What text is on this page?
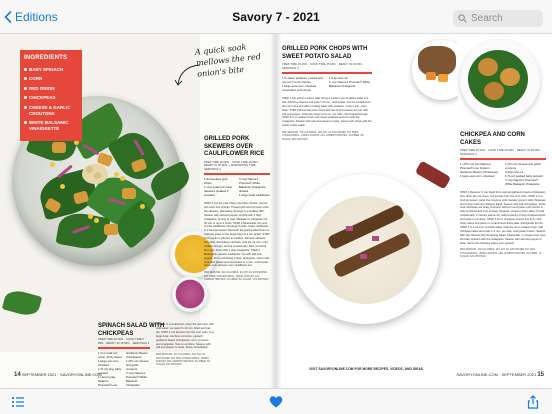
Editions	Savory 7 - 2021
Search
INGREDIENTS
BABY SPINACH
CORN
RED ONION
CHICKPEAS
CHEESE & GARLIC CROUTONS
WHITE BALSAMIC VINAIGRETTE
A quick soak mellows the red onion's bite
SPINACH SALAD WITH CHICKPEAS
PREP TIME 15 MIN. · COOK TIME 0 MIN. · READY IN 15 MIN. · SERVINGS 4
1 (¼) small red onion, thinly sliced
1 large ear corn, shucked
1 (5-oz) pkg. baby spinach
1 (12-oz) pkg. Nature's Promise® Low
Garbanzo Beans (Chickpeas)
1 (5½-oz) cheese and garlic croutons
½ cup Nature's Promise® White Balsamic Vinaigrette
STEP 1 In a small bowl, cover the red onion with cold water. Let stand 5–10 min. Drain and pat dry. STEP 2 Cut kernels from the corn cobs. In a large bowl, combine red onion, spinach, garbanzo beans (chickpeas), corn, croutons, and vinaigrette. Toss to combine. Season with salt and pepper to taste. Serve immediately.
PER SERVING: 310 CALORIES, 13G FAT, 2G SATURATED FAT, 5MG CHOLESTEROL, 660MG SODIUM, 38G CARBOHYDRATES, 8G FIBER, 5G SUGAR, 10G PROTEIN
GRILLED PORK SKEWERS OVER CAULIFLOWER RICE
PREP TIME 15 MIN. · COOK TIME 15 MIN. · READY IN 30 MIN. + MARINATING TIME · SERVINGS 4
1 lb boneless pork chops
¼ cup small red onion
Skewers (soaked if wooden)
½ cup Nature's Promise® White Balsamic Vinaigrette, divided
1 large head cauliflower
STEP 1 Cut the pork chops into thick chunks. Cut the red onion into chunks. Thread pork and red onion onto the skewers, alternating. Arrange in a shallow dish. Season with salt and pepper. Drizzle with 3 tbsp. vinaigrette, turning to coat. Marinate in refrigerator for 30 min or up to 2 hours. STEP 2 Meanwhile, trim and cut the cauliflower into large chunks. Grate cauliflower in a food processor fitted with the grating attachment or coarsely grate on the large holes of a box grater. STEP 3 Oil a grill or grill pan to medium. Remove skewers from dish, discarding marinade. Grill 10–12 min., until cooked through, turning occasionally. After removing from grill, brush with 1 tbsp vinaigrette. STEP 4 Meanwhile, season cauliflower rice with salt and pepper. Stir in remaining 3 tbsp. vinaigrette. Cover with crumpled plastic and microwave 3–4 min., until tender. Serve pork skewers over cauliflower rice.
PER SERVING: 240 CALORIES, 9G FAT, 2G SATURATED FAT, 65MG CHOLESTEROL, 190MG SODIUM, 12G CARBOHYDRATES, 4G FIBER, 5G SUGAR, 27G PROTEIN
14 SEPTEMBER 2021 · SAVORYONLINE.COM
GRILLED PORK CHOPS WITH SWEET POTATO SALAD
PREP TIME 15 MIN. · COOK TIME 25 MIN. · READY IN 40 MIN. · SERVINGS 4
1 lb sweet potatoes, peeled and cut into ½-inch chunks
1 large ears corn, shucked
4 boneless pork chops
1 tbsp olive oil
¼ cup Nature's Promise® White Balsamic Vinaigrette
STEP 1 Set grill to medium high. Bring a medium pot of salted water to a boil. Add the potatoes and cook 7–8 min., until tender. Cut the kernels from the corn cobs and add to boiling water with potatoes. Cook 1 min., then drain. STEP 2 Brush the pork chops with the oil and season all over with salt and pepper. Grill pork chops 4–5 min. per side, until cooked through. STEP 3 In a medium bowl, toss sweet potatoes and corn with the vinaigrette. Season with salt and pepper to taste. Serve pork chops with the sweet potato salad.
PER SERVING: 330 CALORIES, 13G FAT, 3G SATURATED FAT, 85MG CHOLESTEROL, 230MG SODIUM, 24G CARBOHYDRATES, 3G FIBER, 8G SUGAR, 28G PROTEIN
CHICKPEA AND CORN CAKES
PREP TIME 15 MIN. · COOK TIME 20 MIN. · READY IN 35 MIN. · SERVINGS 4
1 (15½-oz) can Nature's Promise® Low Sodium Garbanzo Beans (Chickpeas)
1 large ears corn, shucked
1 (5½-oz) cheese and garlic croutons
3 tbsp olive oil
1 (5-oz) packed baby spinach
½ cup Nature's Promise® White Balsamic Vinaigrette
STEP 1 Reserve ½ cup liquid from canned garbanzo beans (chickpeas), then drain (do not rinse). Cut kernels from the corn cobs. STEP 2 In a food processor, pulse the croutons until coarsely ground. Add chickpeas and 2 tbsp reserved chickpea liquid. Season with salt and pepper. Pulse until chickpeas are finely chopped. Add corn and pulse until mixture is well combined and corn is finely chopped, scraping down sides of bowl occasionally. If mixture seems dry, add remaining 2 tbsp chickpea liquid and pulse to combine. STEP 3 Form chickpea mixture into 8 (½-inch-thick) cakes and place on a parchment-lined plate. Refrigerate 30 min. STEP 4 In a 12-inch nonstick skillet, heat the oil on medium-high. Add chickpea cakes and cook 2–3 min. per side, until golden brown. Season with salt. Repeat with remaining cakes. Meanwhile, in a large bowl, toss the baby spinach with the vinaigrette. Season with salt and pepper to taste. Serve the chickpea cakes over spinach.
PER SERVING: 430 CALORIES, 22G FAT, 3G SATURATED FAT, 0MG CHOLESTEROL, 460MG SODIUM, 48G CARBOHYDRATES, 8G FIBER, 7G SUGAR, 12G PROTEIN
VISIT SAVORYONLINE.COM FOR MORE RECIPES, VIDEOS, AND IDEAS
SAVORYONLINE.COM · SEPTEMBER 2021 15
